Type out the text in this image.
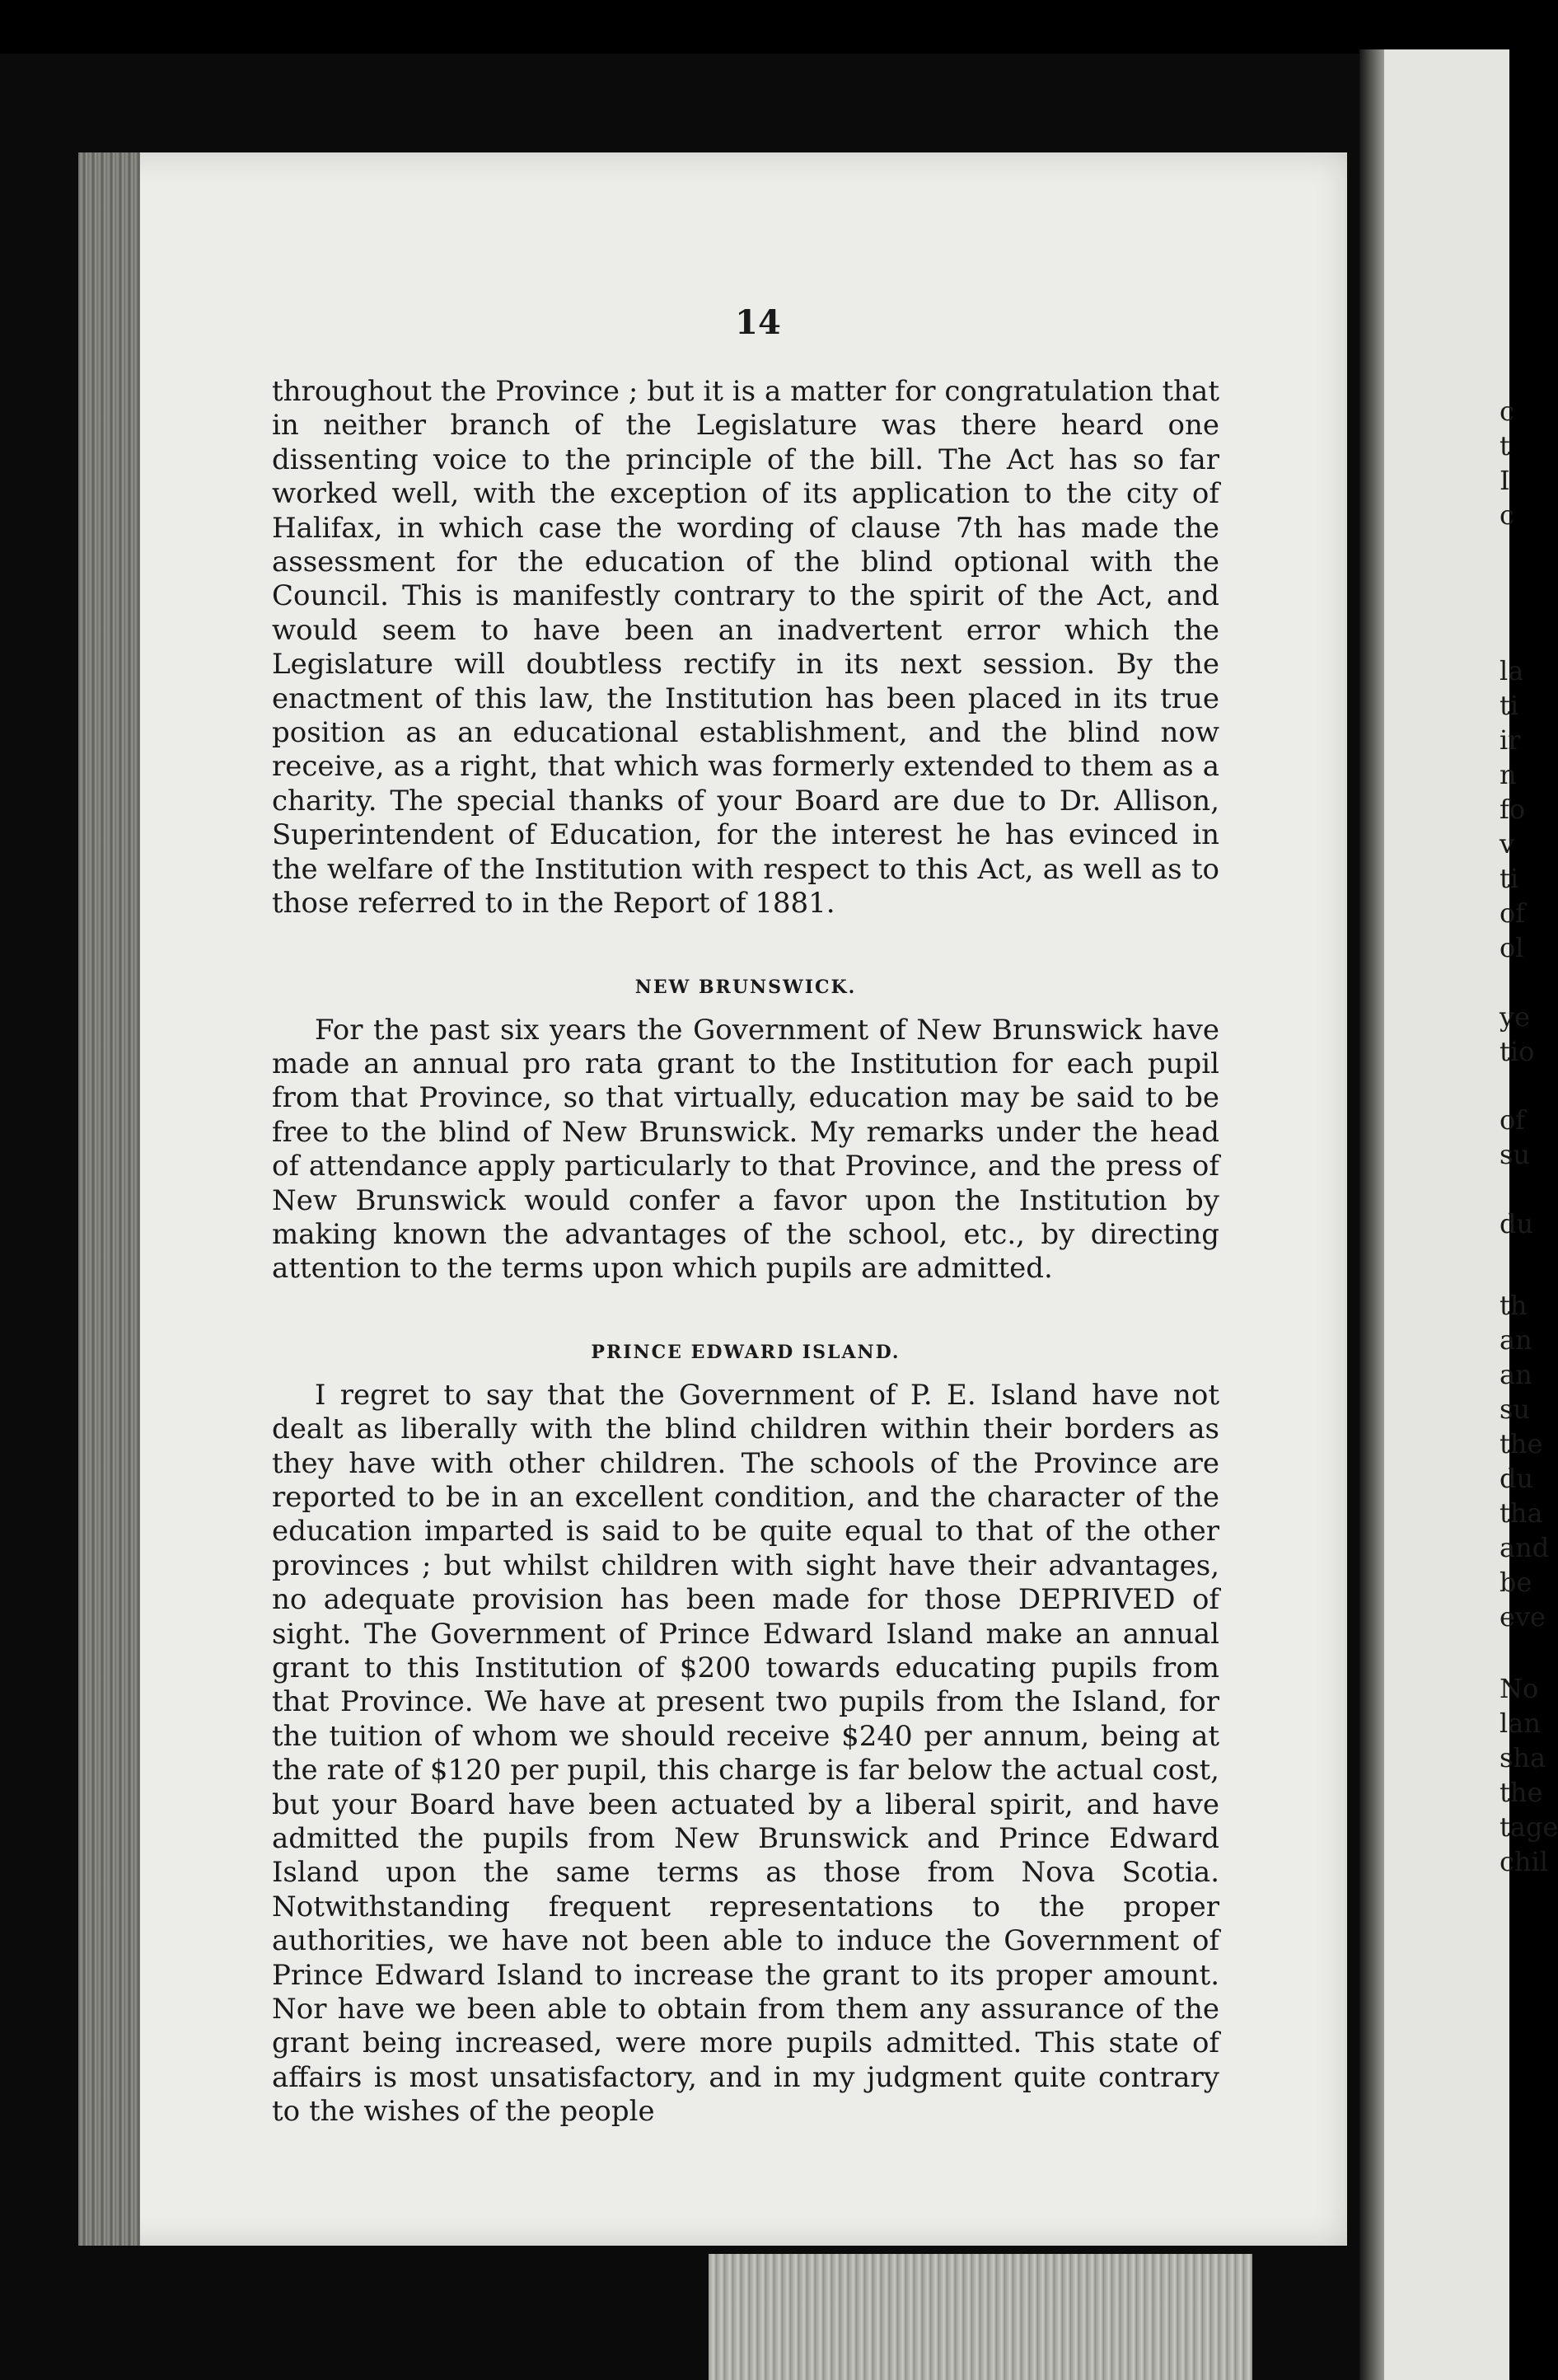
14

throughout the Province ; but it is a matter for congratulation that in neither branch of the Legislature was there heard one dissenting voice to the principle of the bill. The Act has so far worked well, with the exception of its application to the city of Halifax, in which case the wording of clause 7th has made the assessment for the education of the blind optional with the Council. This is manifestly contrary to the spirit of the Act, and would seem to have been an inadvertent error which the Legislature will doubtless rectify in its next session. By the enactment of this law, the Institution has been placed in its true position as an educational establishment, and the blind now receive, as a right, that which was formerly extended to them as a charity. The special thanks of your Board are due to Dr. Allison, Superintendent of Education, for the interest he has evinced in the welfare of the Institution with respect to this Act, as well as to those referred to in the Report of 1881.

NEW BRUNSWICK.

For the past six years the Government of New Brunswick have made an annual pro rata grant to the Institution for each pupil from that Province, so that virtually, education may be said to be free to the blind of New Brunswick. My remarks under the head of attendance apply particularly to that Province, and the press of New Brunswick would confer a favor upon the Institution by making known the advantages of the school, etc., by directing attention to the terms upon which pupils are admitted.

PRINCE EDWARD ISLAND.

I regret to say that the Government of P. E. Island have not dealt as liberally with the blind children within their borders as they have with other children. The schools of the Province are reported to be in an excellent condition, and the character of the education imparted is said to be quite equal to that of the other provinces ; but whilst children with sight have their advantages, no adequate provision has been made for those DEPRIVED of sight. The Government of Prince Edward Island make an annual grant to this Institution of $200 towards educating pupils from that Province. We have at present two pupils from the Island, for the tuition of whom we should receive $240 per annum, being at the rate of $120 per pupil, this charge is far below the actual cost, but your Board have been actuated by a liberal spirit, and have admitted the pupils from New Brunswick and Prince Edward Island upon the same terms as those from Nova Scotia. Notwithstanding frequent representations to the proper authorities, we have not been able to induce the Government of Prince Edward Island to increase the grant to its proper amount. Nor have we been able to obtain from them any assurance of the grant being increased, were more pupils admitted. This state of affairs is most unsatisfactory, and in my judgment quite contrary to the wishes of the people

c
t
I
c
la
ti
ir
n
fo
v
ti
of
ol
ye
tio
of
su
du
th
an
an
su
the
du
tha
and
be
eve
No
lan
sha
the
tage
chil
